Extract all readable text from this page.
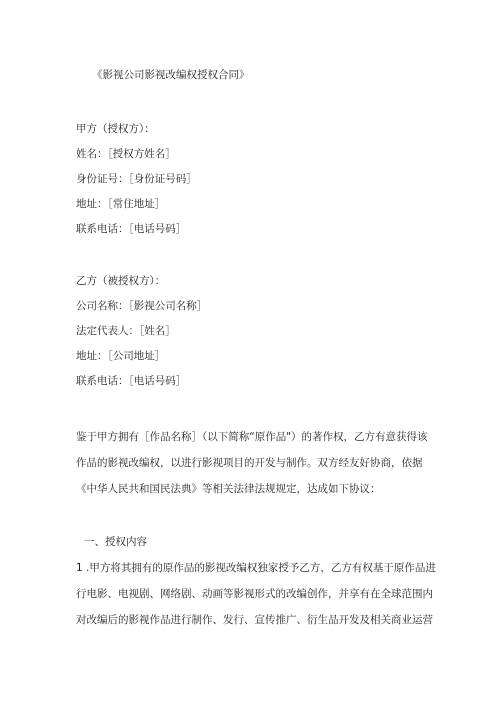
《影视公司影视改编权授权合同》
甲方（授权方）：
姓名：［授权方姓名］
身份证号：［身份证号码］
地址：［常住地址］
联系电话：［电话号码］
乙方（被授权方）：
公司名称：［影视公司名称］
法定代表人：［姓名］
地址：［公司地址］
联系电话：［电话号码］
鉴于甲方拥有［作品名称］（以下简称“原作品"）的著作权，乙方有意获得该
作品的影视改编权，以进行影视项目的开发与制作。双方经友好协商，依据
《中华人民共和国民法典》等相关法律法规规定，达成如下协议：
一、授权内容
1 .甲方将其拥有的原作品的影视改编权独家授予乙方，乙方有权基于原作品进
行电影、电视剧、网络剧、动画等影视形式的改编创作，并享有在全球范围内
对改编后的影视作品进行制作、发行、宣传推广、衍生品开发及相关商业运营
